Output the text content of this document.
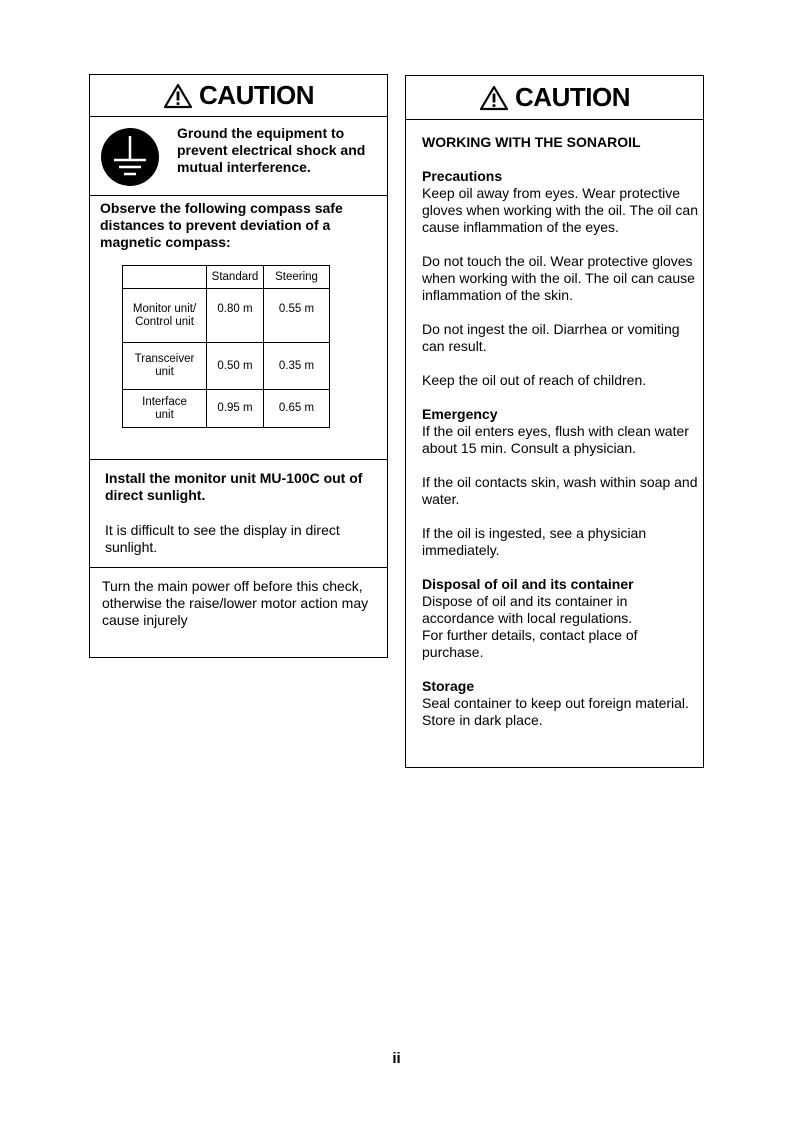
CAUTION
Ground the equipment to prevent electrical shock and mutual interference.
Observe the following compass safe distances to prevent deviation of a magnetic compass:
	Standard	Steering
Monitor unit/
Control unit	0.80 m	0.55 m
Transceiver
unit	0.50 m	0.35 m
Interface
unit	0.95 m	0.65 m
Install the monitor unit MU-100C out of direct sunlight.
It is difficult to see the display in direct sunlight.
Turn the main power off before this check, otherwise the raise/lower motor action may cause injurely
CAUTION

WORKING WITH THE SONAROIL

Precautions

Keep oil away from eyes. Wear protective gloves when working with the oil. The oil can cause inflammation of the eyes.

Do not touch the oil. Wear protective gloves when working with the oil. The oil can cause inflammation of the skin.

Do not ingest the oil. Diarrhea or vomiting can result.

Keep the oil out of reach of children.

Emergency

If the oil enters eyes, flush with clean water about 15 min. Consult a physician.

If the oil contacts skin, wash within soap and water.

If the oil is ingested, see a physician immediately.

Disposal of oil and its container

Dispose of oil and its container in accordance with local regulations.

For further details, contact place of purchase.

Storage

Seal container to keep out foreign material. Store in dark place.

ii
